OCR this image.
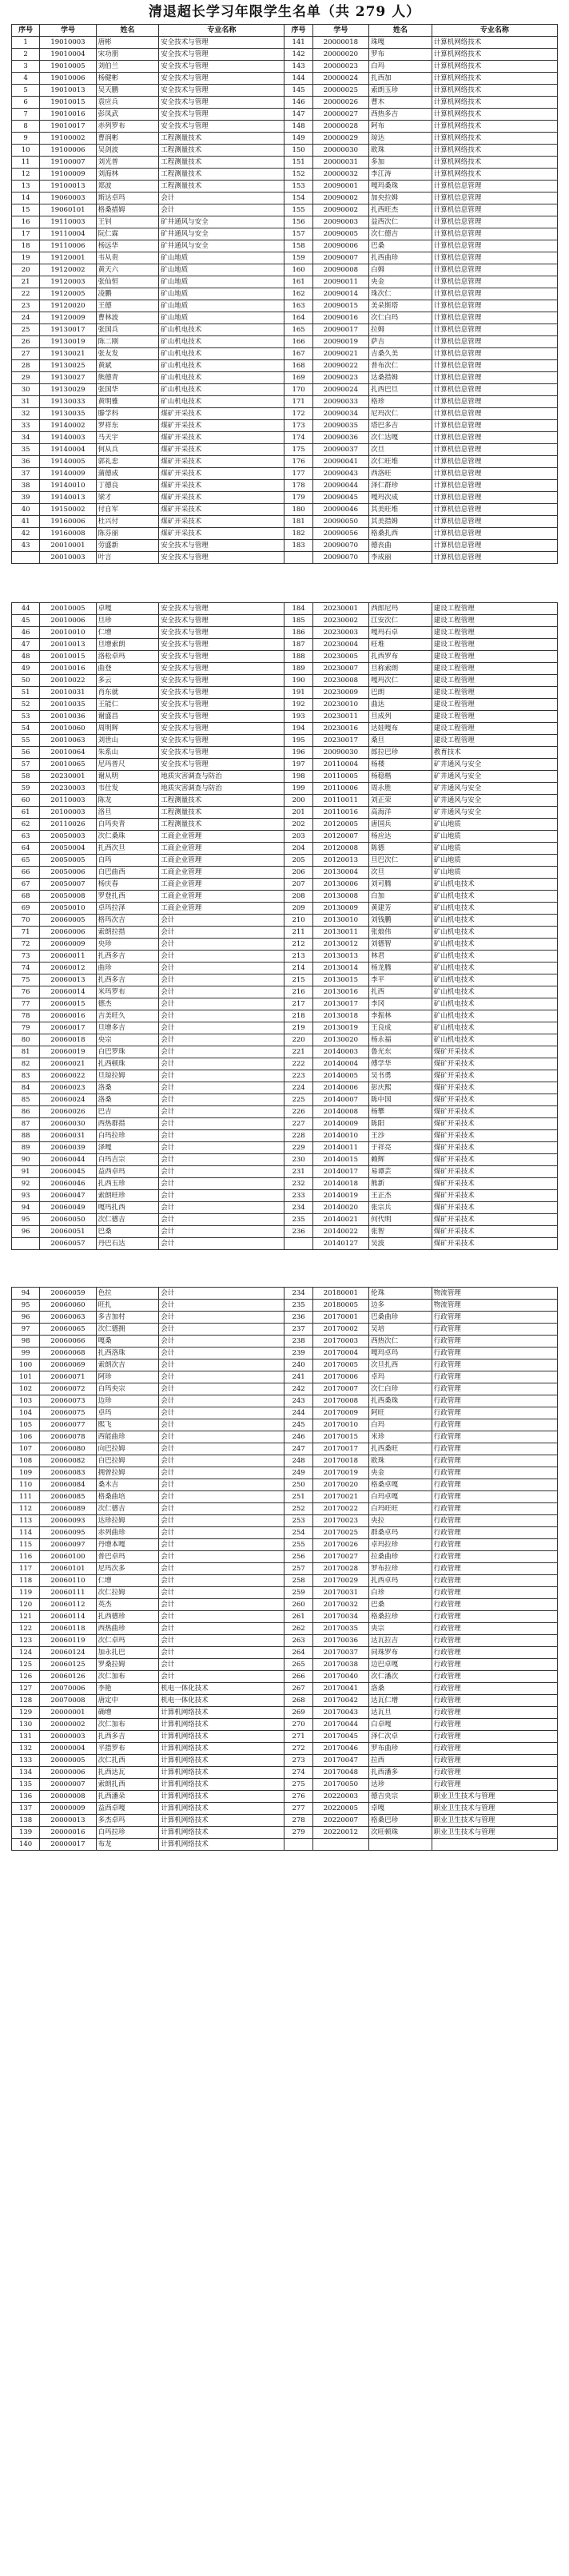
清退超长学习年限学生名单（共 279 人）
序号	学号	姓名	专业名称	序号	学号	姓名	专业名称
1	19010003	唐彬	安全技术与管理	141	20000018	珠嘎	计算机网络技术
2	19010004	宋功朋	安全技术与管理	142	20000020	罗布	计算机网络技术
3	19010005	刘伯兰	安全技术与管理	143	20000023	白玛	计算机网络技术
4	19010006	杨健彬	安全技术与管理	144	20000024	扎西加	计算机网络技术
5	19010013	吴天鹏	安全技术与管理	145	20000025	索朗玉珍	计算机网络技术
6	19010015	袁应兵	安全技术与管理	146	20000026	曹木	计算机网络技术
7	19010016	彭凤武	安全技术与管理	147	20000027	西热多吉	计算机网络技术
8	19010017	赤列罗布	安全技术与管理	148	20000028	阿布	计算机网络技术
9	19100002	曹润彬	工程测量技术	149	20000029	琼达	计算机网络技术
10	19100006	吴剑波	工程测量技术	150	20000030	欧珠	计算机网络技术
11	19100007	刘光普	工程测量技术	151	20000031	多加	计算机网络技术
12	19100009	刘海林	工程测量技术	152	20000032	李江涛	计算机网络技术
13	19100013	郑波	工程测量技术	153	20090001	嘎玛桑珠	计算机信息管理
14	19060003	斯达卓玛	会计	154	20090002	加央拉姆	计算机信息管理
15	19060101	格桑措姆	会计	155	20090002	扎西旺杰	计算机信息管理
16	19110003	王钊	矿井通风与安全	156	20090003	益西次仁	计算机信息管理
17	19110004	阮仁霖	矿井通风与安全	157	20090005	次仁德吉	计算机信息管理
18	19110006	杨远华	矿井通风与安全	158	20090006	巴桑	计算机信息管理
19	19120001	韦从贵	矿山地质	159	20090007	扎西曲珍	计算机信息管理
20	19120002	黄天六	矿山地质	160	20090008	白姆	计算机信息管理
21	19120003	张仙恒	矿山地质	161	20090011	央金	计算机信息管理
22	19120005	凌鹏	矿山地质	162	20090014	珠次仁	计算机信息管理
23	19120020	王德	矿山地质	163	20090015	美朵斯塔	计算机信息管理
24	19120009	曹林波	矿山地质	164	20090016	次仁白玛	计算机信息管理
25	19130017	张国兵	矿山机电技术	165	20090017	拉姆	计算机信息管理
26	19130019	陈二刚	矿山机电技术	166	20090019	萨吉	计算机信息管理
27	19130021	张友发	矿山机电技术	167	20090021	吉桑久美	计算机信息管理
28	19130025	黄斌	矿山机电技术	168	20090022	普布次仁	计算机信息管理
29	19130027	熊德青	矿山机电技术	169	20090023	达桑措姆	计算机信息管理
30	19130029	张国华	矿山机电技术	170	20090024	扎西巴旦	计算机信息管理
31	19130033	黄明雅	矿山机电技术	171	20090033	格珍	计算机信息管理
32	19130035	滕学科	煤矿开采技术	172	20090034	尼玛次仁	计算机信息管理
33	19140002	罗祥东	煤矿开采技术	173	20090035	塔巴多吉	计算机信息管理
34	19140003	马天宇	煤矿开采技术	174	20090036	次仁达嘎	计算机信息管理
35	19140004	何从兵	煤矿开采技术	175	20090037	次旦	计算机信息管理
36	19140005	郭礼忠	煤矿开采技术	176	20090041	次仁旺堆	计算机信息管理
37	19140009	蒲德成	煤矿开采技术	177	20090043	西洛旺	计算机信息管理
38	19140010	丁德良	煤矿开采技术	178	20090044	泽仁群珍	计算机信息管理
39	19140013	梁才	煤矿开采技术	179	20090045	嘎玛次成	计算机信息管理
40	19150002	付自军	煤矿开采技术	180	20090046	其美旺堆	计算机信息管理
41	19160006	杜兴付	煤矿开采技术	181	20090050	其美措姆	计算机信息管理
42	19160008	陈芬丽	煤矿开采技术	182	20090056	格桑扎西	计算机信息管理
43	20010001	劳盛新	安全技术与管理	183	20090070	德丧曲	计算机信息管理
	20010003	叶言	安全技术与管理		20090070	李成丽	计算机信息管理
44	20010005	卓嘎	安全技术与管理	184	20230001	西郎尼玛	建设工程管理
45	20010006	旦珍	安全技术与管理	185	20230002	江安次仁	建设工程管理
46	20010010	仁增	安全技术与管理	186	20230003	嘎玛石卓	建设工程管理
47	20010013	旦增索朗	安全技术与管理	187	20230004	旺堆	建设工程管理
48	20010015	洛松卓玛	安全技术与管理	188	20230005	扎西罗布	建设工程管理
49	20010016	曲登	安全技术与管理	189	20230007	旦称索朗	建设工程管理
50	20010022	多云	安全技术与管理	190	20230008	嘎玛次仁	建设工程管理
51	20010031	肖东就	安全技术与管理	191	20230009	巴朗	建设工程管理
52	20010035	王能仁	安全技术与管理	192	20230010	曲达	建设工程管理
53	20010036	谢盛昌	安全技术与管理	193	20230011	旦成列	建设工程管理
54	20010060	周明辉	安全技术与管理	194	20230016	达娃嘎布	建设工程管理
55	20010063	刘世山	安全技术与管理	195	20230017	桑旦	建设工程管理
56	20010064	朱系山	安全技术与管理	196	20090030	郎拉巴珍	教育技术
57	20010065	尼玛普尺	安全技术与管理	197	20110004	杨楼	矿井通风与安全
58	20230001	谢从明	地质灾害调查与防治	198	20110005	杨稳楷	矿井通风与安全
59	20230003	韦仕发	地质灾害调查与防治	199	20110006	周永胜	矿井通风与安全
60	20110003	陈龙	工程测量技术	200	20110011	刘正荣	矿井通风与安全
61	20100003	洛旦	工程测量技术	201	20110016	高海洋	矿井通风与安全
62	20110026	白玛央青	工程测量技术	202	20120005	唐国兵	矿山地质
63	20050003	次仁桑珠	工商企业管理	203	20120007	杨应达	矿山地质
64	20050004	扎西次旦	工商企业管理	204	20120008	陈德	矿山地质
65	20050005	白玛	工商企业管理	205	20120013	旦巴次仁	矿山地质
66	20050006	白巴曲西	工商企业管理	206	20130004	次旦	矿山地质
67	20050007	杨庆春	工商企业管理	207	20130006	刘可腾	矿山机电技术
68	20050008	罗登扎西	工商企业管理	208	20130008	白加	矿山机电技术
69	20050010	卓玛拉泽	工商企业管理	209	20130009	黄建芳	矿山机电技术
70	20060005	格玛次吉	会计	210	20130010	刘钱鹏	矿山机电技术
71	20060006	索朗拉措	会计	211	20130011	张烺伟	矿山机电技术
72	20060009	央珍	会计	212	20130012	刘德智	矿山机电技术
73	20060011	扎西多吉	会计	213	20130013	林君	矿山机电技术
74	20060012	曲珍	会计	214	20130014	杨龙腾	矿山机电技术
75	20060013	扎西多吉	会计	215	20130015	李平	矿山机电技术
76	20060014	米玛罗布	会计	216	20130016	扎西	矿山机电技术
77	20060015	德杰	会计	217	20130017	李冈	矿山机电技术
78	20060016	吉美旺久	会计	218	20130018	李振林	矿山机电技术
79	20060017	旦增多吉	会计	219	20130019	王良成	矿山机电技术
80	20060018	央宗	会计	220	20130020	杨永福	矿山机电技术
81	20060019	白巴罗珠	会计	221	20140003	鲁光东	煤矿开采技术
82	20060021	扎西顿珠	会计	222	20140004	傅学华	煤矿开采技术
83	20060022	旦琼拉姆	会计	223	20140005	吴书勇	煤矿开采技术
84	20060023	洛桑	会计	224	20140006	彭庆熙	煤矿开采技术
85	20060024	洛桑	会计	225	20140007	陈中国	煤矿开采技术
86	20060026	巴吉	会计	226	20140008	杨攀	煤矿开采技术
87	20060030	西热群措	会计	227	20140009	陈阳	煤矿开采技术
88	20060031	白玛拉珍	会计	228	20140010	王沙	煤矿开采技术
89	20060039	泽嘎	会计	229	20140011	于祥亮	煤矿开采技术
90	20060044	白玛吉宗	会计	230	20140015	赖辉	煤矿开采技术
91	20060045	益西卓玛	会计	231	20140017	易谭芸	煤矿开采技术
92	20060046	扎西玉珍	会计	232	20140018	熊新	煤矿开采技术
93	20060047	索朗旺珍	会计	233	20140019	王正杰	煤矿开采技术
94	20060049	嘎玛扎西	会计	234	20140020	张宗兵	煤矿开采技术
95	20060050	次仁德吉	会计	235	20140021	何代明	煤矿开采技术
96	20060051	巴桑	会计	236	20140022	张智	煤矿开采技术
	20060057	丹巴石达	会计		20140127	吴波	煤矿开采技术
94	20060059	色拉	会计	234	20180001	伦珠	物流管理
95	20060060	旺扎	会计	235	20180005	边多	物流管理
96	20060063	多吉加村	会计	236	20170001	巴桑曲珍	行政管理
97	20060065	次仁德拥	会计	237	20170002	吴培	行政管理
98	20060066	嘎桑	会计	238	20170003	西热次仁	行政管理
99	20060068	扎西洛珠	会计	239	20170004	嘎玛卓玛	行政管理
100	20060069	索朗次吉	会计	240	20170005	次旦扎西	行政管理
101	20060071	阿珍	会计	241	20170006	卓玛	行政管理
102	20060072	白玛央宗	会计	242	20170007	次仁白珍	行政管理
103	20060073	边珍	会计	243	20170008	扎西桑珠	行政管理
104	20060075	卓玛	会计	244	20170009	阿旺	行政管理
105	20060077	熙飞	会计	245	20170010	白玛	行政管理
106	20060078	西能曲珍	会计	246	20170015	米珍	行政管理
107	20060080	向巴拉姆	会计	247	20170017	扎西桑旺	行政管理
108	20060082	白巴拉姆	会计	248	20170018	欧珠	行政管理
109	20060083	拥曾拉姆	会计	249	20170019	央金	行政管理
110	20060084	桑木吉	会计	250	20170020	格桑卓嘎	行政管理
111	20060085	格桑曲培	会计	251	20170021	白玛卓嘎	行政管理
112	20060089	次仁德吉	会计	252	20170022	白玛旺旺	行政管理
113	20060093	达珍拉姆	会计	253	20170023	央拉	行政管理
114	20060095	赤列曲珍	会计	254	20170025	群桑卓玛	行政管理
115	20060097	丹增本嘎	会计	255	20170026	卓玛拉珍	行政管理
116	20060100	普巴卓玛	会计	256	20170027	拉桑曲珍	行政管理
117	20060101	尼玛次多	会计	257	20170028	罗布拉珍	行政管理
118	20060110	仁增	会计	258	20170029	扎西卓玛	行政管理
119	20060111	次仁拉姆	会计	259	20170031	白珍	行政管理
120	20060112	英杰	会计	260	20170032	巴桑	行政管理
121	20060114	扎西德珍	会计	261	20170034	格桑拉珍	行政管理
122	20060118	西热曲珍	会计	262	20170035	央宗	行政管理
123	20060119	次仁卓玛	会计	263	20170036	达瓦拉吉	行政管理
124	20060124	加永扎巴	会计	264	20170037	同珠罗布	行政管理
125	20060125	罗桑拉姆	会计	265	20170038	边巴卓嘎	行政管理
126	20060126	次仁加布	会计	266	20170040	次仁潘次	行政管理
127	20070006	李艳	机电一体化技术	267	20170041	洛桑	行政管理
128	20070008	唐定中	机电一体化技术	268	20170042	达瓦仁增	行政管理
129	20000001	确增	计算机网络技术	269	20170043	达瓦旦	行政管理
130	20000002	次仁加布	计算机网络技术	270	20170044	白卓嘎	行政管理
131	20000003	扎西多吉	计算机网络技术	271	20170045	泽仁次卓	行政管理
132	20000004	平措罗布	计算机网络技术	272	20170046	罗布曲珍	行政管理
133	20000005	次仁扎西	计算机网络技术	273	20170047	拉西	行政管理
134	20000006	扎西达瓦	计算机网络技术	274	20170048	扎西潘多	行政管理
135	20000007	索朗扎西	计算机网络技术	275	20170050	达珍	行政管理
136	20000008	扎西潘朵	计算机网络技术	276	20220003	德吉央宗	职业卫生技术与管理
137	20000009	益西卓嘎	计算机网络技术	277	20220005	卓嘎	职业卫生技术与管理
138	20000013	多杰卓玛	计算机网络技术	278	20220007	格桑巴珍	职业卫生技术与管理
139	20000016	白玛拉珍	计算机网络技术	279	20220012	次旺顿珠	职业卫生技术与管理
140	20000017	布龙	计算机网络技术				
